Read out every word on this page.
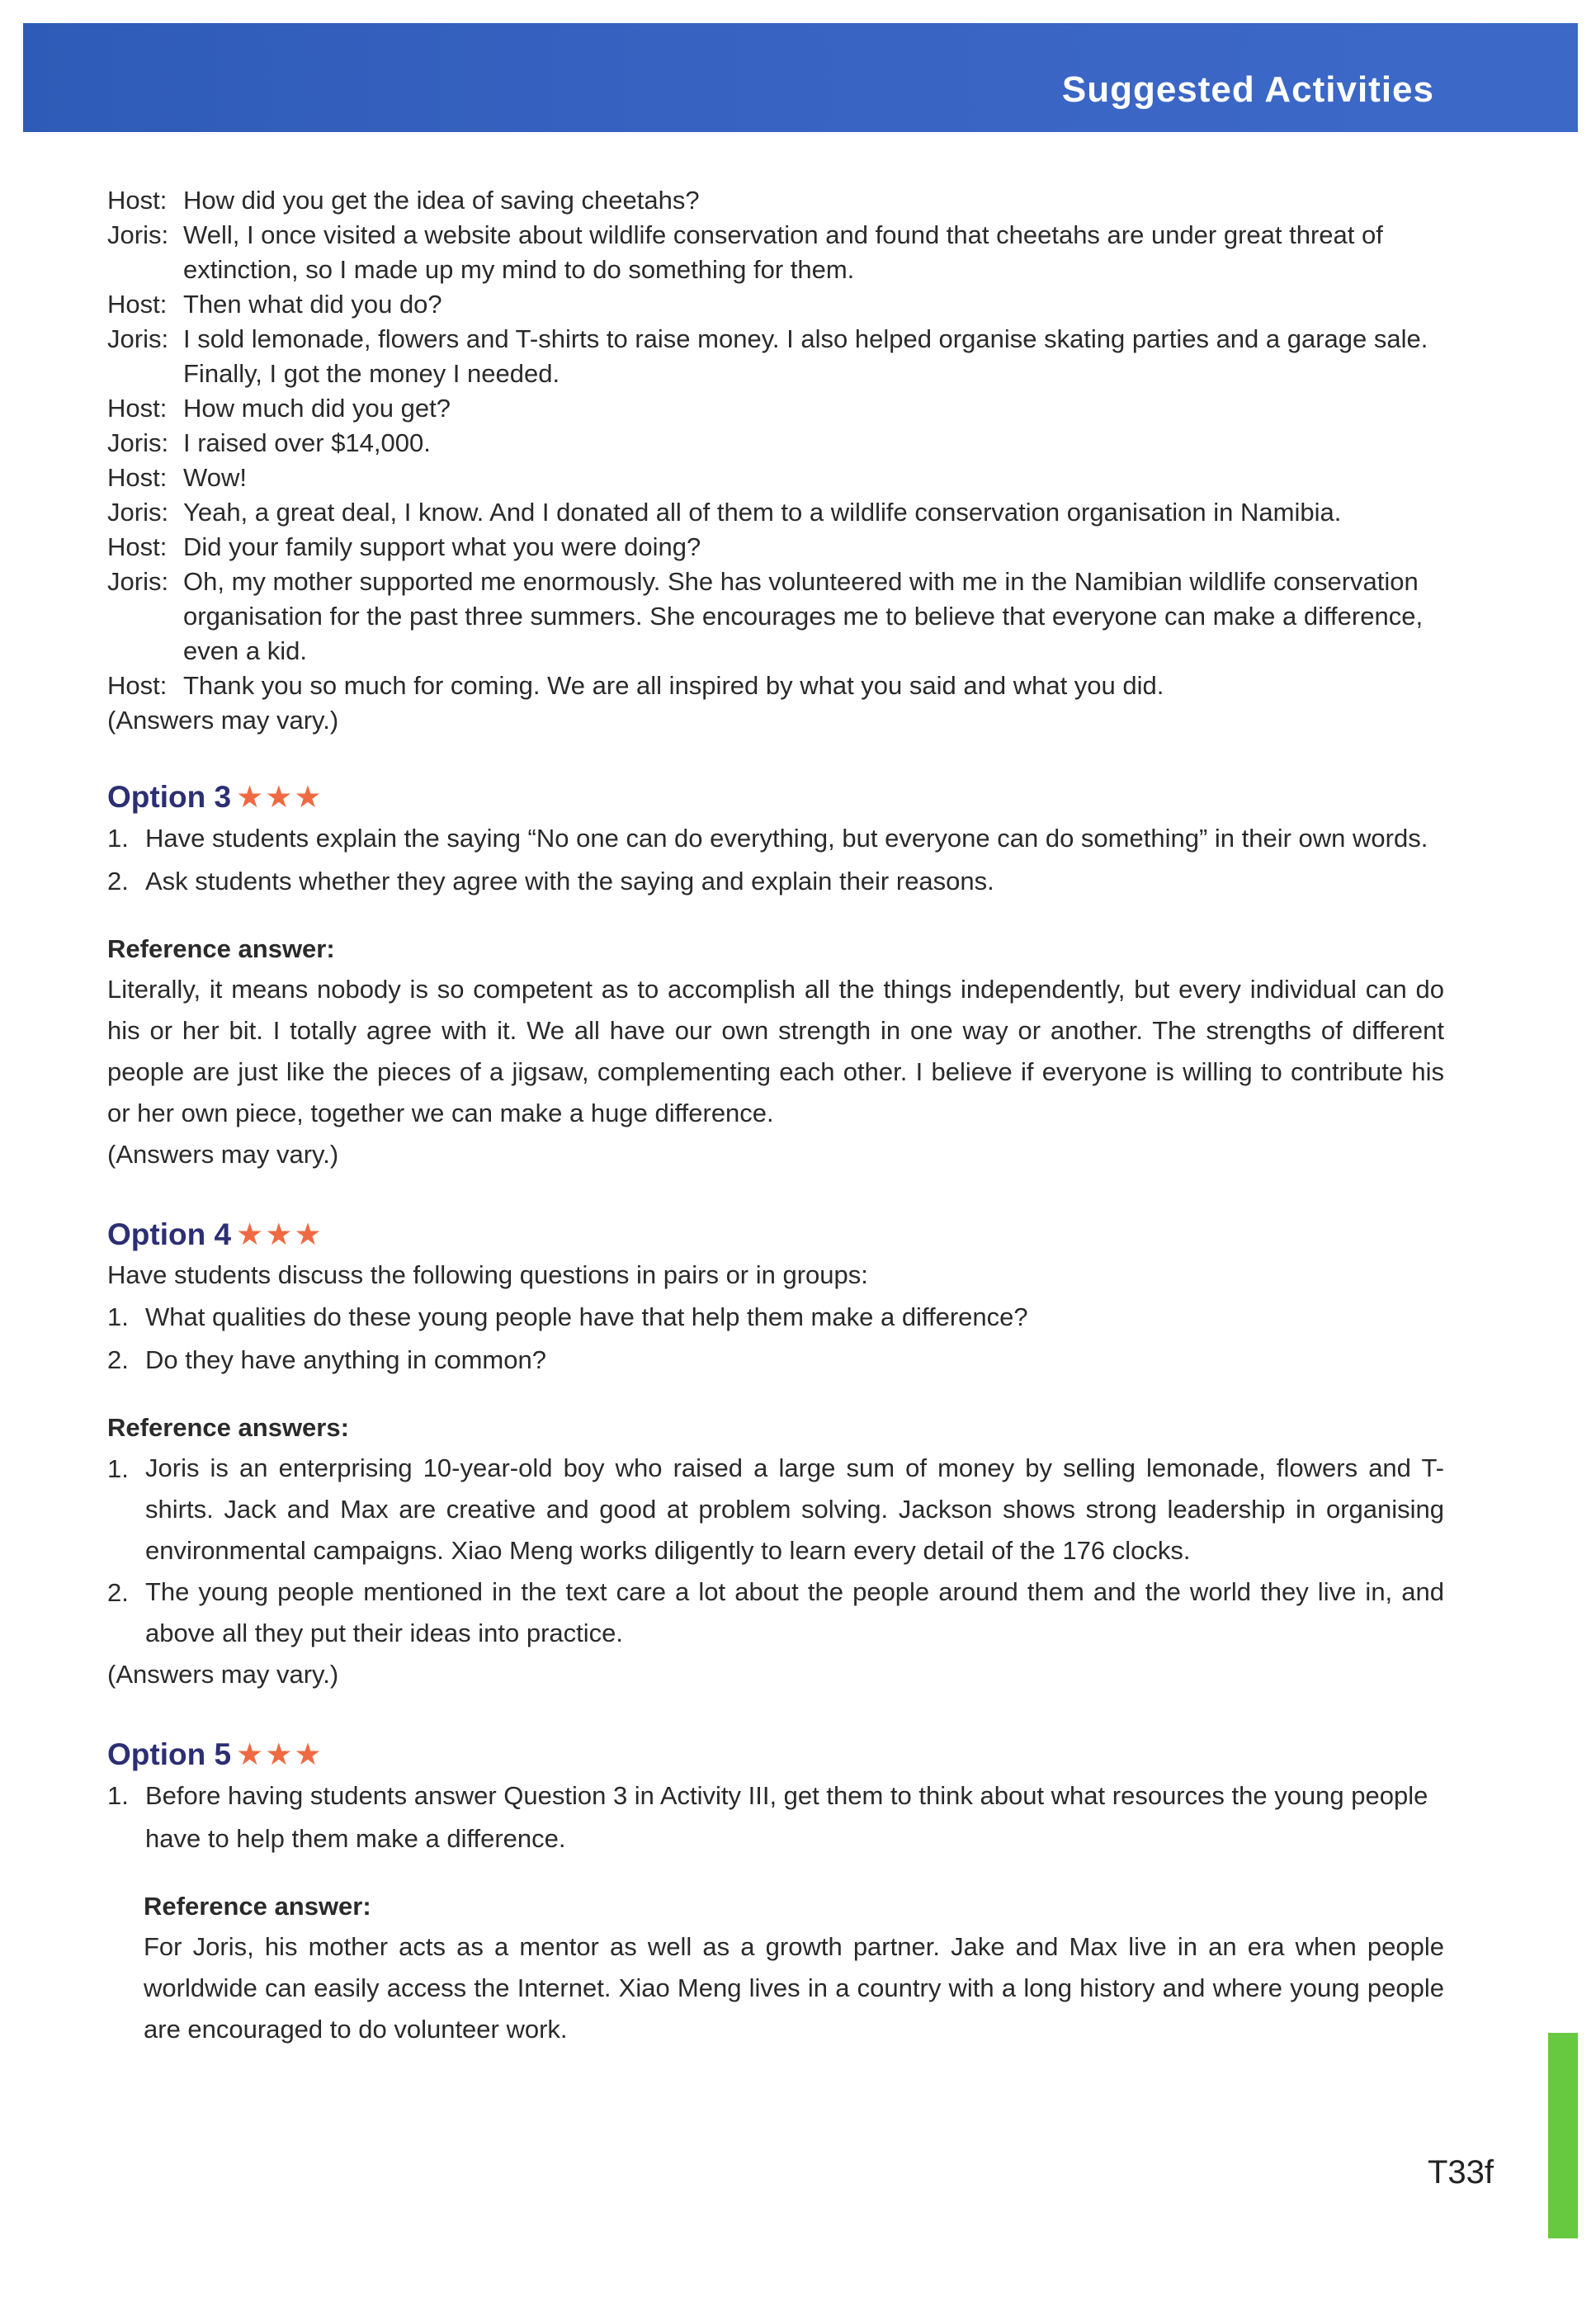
Suggested Activities
Host: How did you get the idea of saving cheetahs?
Joris: Well, I once visited a website about wildlife conservation and found that cheetahs are under great threat of extinction, so I made up my mind to do something for them.
Host: Then what did you do?
Joris: I sold lemonade, flowers and T-shirts to raise money. I also helped organise skating parties and a garage sale. Finally, I got the money I needed.
Host: How much did you get?
Joris: I raised over $14,000.
Host: Wow!
Joris: Yeah, a great deal, I know. And I donated all of them to a wildlife conservation organisation in Namibia.
Host: Did your family support what you were doing?
Joris: Oh, my mother supported me enormously. She has volunteered with me in the Namibian wildlife conservation organisation for the past three summers. She encourages me to believe that everyone can make a difference, even a kid.
Host: Thank you so much for coming. We are all inspired by what you said and what you did.
(Answers may vary.)
Option 3 ★★★
1. Have students explain the saying “No one can do everything, but everyone can do something” in their own words.
2. Ask students whether they agree with the saying and explain their reasons.
Reference answer:
Literally, it means nobody is so competent as to accomplish all the things independently, but every individual can do his or her bit. I totally agree with it. We all have our own strength in one way or another. The strengths of different people are just like the pieces of a jigsaw, complementing each other. I believe if everyone is willing to contribute his or her own piece, together we can make a huge difference.
(Answers may vary.)
Option 4 ★★★
Have students discuss the following questions in pairs or in groups:
1. What qualities do these young people have that help them make a difference?
2. Do they have anything in common?
Reference answers:
1. Joris is an enterprising 10-year-old boy who raised a large sum of money by selling lemonade, flowers and T-shirts. Jack and Max are creative and good at problem solving. Jackson shows strong leadership in organising environmental campaigns. Xiao Meng works diligently to learn every detail of the 176 clocks.
2. The young people mentioned in the text care a lot about the people around them and the world they live in, and above all they put their ideas into practice.
(Answers may vary.)
Option 5 ★★★
1. Before having students answer Question 3 in Activity III, get them to think about what resources the young people have to help them make a difference.
Reference answer:
For Joris, his mother acts as a mentor as well as a growth partner. Jake and Max live in an era when people worldwide can easily access the Internet. Xiao Meng lives in a country with a long history and where young people are encouraged to do volunteer work.
T33f
